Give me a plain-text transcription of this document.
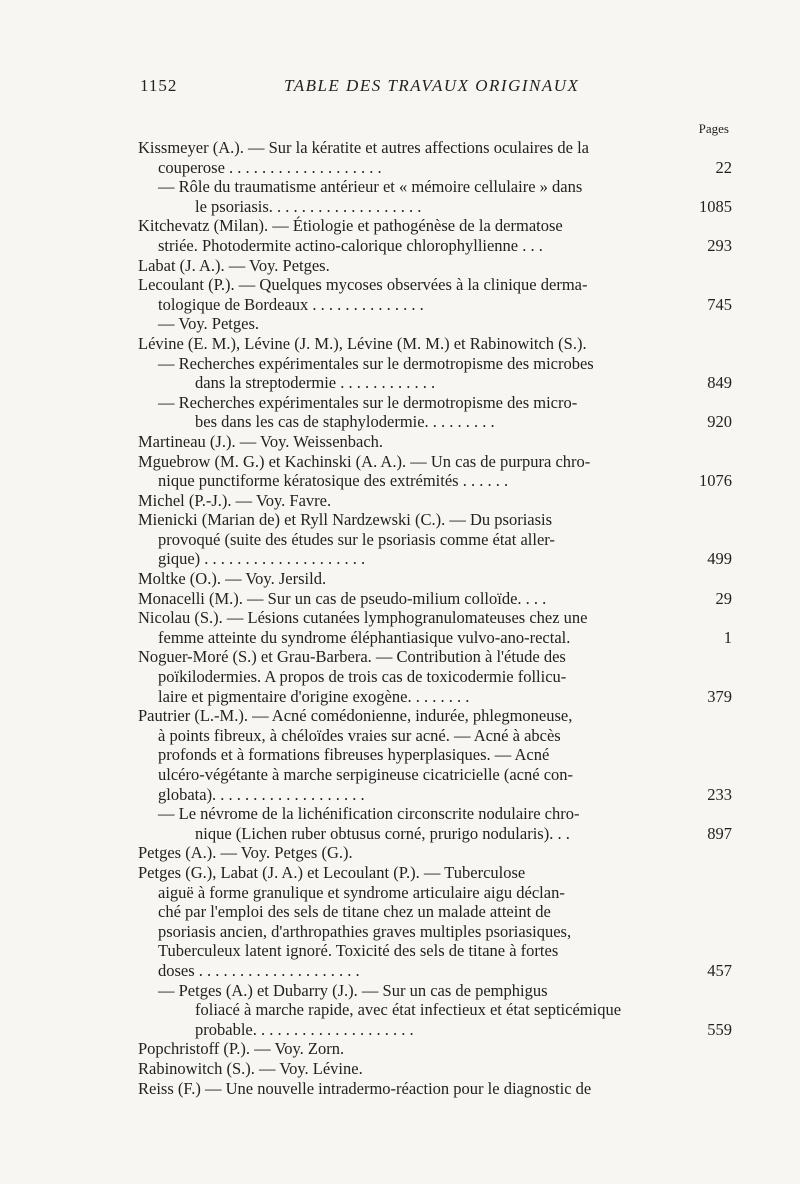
1152	TABLE DES TRAVAUX ORIGINAUX
Pages
Kissmeyer (A.). — Sur la kératite et autres affections oculaires de la
couperose . . . . . . . . . . . . . . . . . . .	22
— Rôle du traumatisme antérieur et « mémoire cellulaire » dans
le psoriasis. . . . . . . . . . . . . . . . . . .	1085
Kitchevatz (Milan). — Étiologie et pathogénèse de la dermatose
striée. Photodermite actino-calorique chlorophyllienne . . .	293
Labat (J. A.). — Voy. Petges.
Lecoulant (P.). — Quelques mycoses observées à la clinique derma-
tologique de Bordeaux . . . . . . . . . . . . . .	745
— Voy. Petges.
Lévine (E. M.), Lévine (J. M.), Lévine (M. M.) et Rabinowitch (S.).
— Recherches expérimentales sur le dermotropisme des microbes
dans la streptodermie . . . . . . . . . . . .	849
— Recherches expérimentales sur le dermotropisme des micro-
bes dans les cas de staphylodermie. . . . . . . . .	920
Martineau (J.). — Voy. Weissenbach.
Mguebrow (M. G.) et Kachinski (A. A.). — Un cas de purpura chro-
nique punctiforme kératosique des extrémités . . . . . .	1076
Michel (P.-J.). — Voy. Favre.
Mienicki (Marian de) et Ryll Nardzewski (C.). — Du psoriasis
provoqué (suite des études sur le psoriasis comme état aller-
gique) . . . . . . . . . . . . . . . . . . . .	499
Moltke (O.). — Voy. Jersild.
Monacelli (M.). — Sur un cas de pseudo-milium colloïde. . . .	29
Nicolau (S.). — Lésions cutanées lymphogranulomateuses chez une
femme atteinte du syndrome éléphantiasique vulvo-ano-rectal.	1
Noguer-Moré (S.) et Grau-Barbera. — Contribution à l'étude des
poïkilodermies. A propos de trois cas de toxicodermie follicu-
laire et pigmentaire d'origine exogène. . . . . . . .	379
Pautrier (L.-M.). — Acné comédonienne, indurée, phlegmoneuse,
à points fibreux, à chéloïdes vraies sur acné. — Acné à abcès
profonds et à formations fibreuses hyperplasiques. — Acné
ulcéro-végétante à marche serpigineuse cicatricielle (acné con-
globata). . . . . . . . . . . . . . . . . . .	233
— Le névrome de la lichénification circonscrite nodulaire chro-
nique (Lichen ruber obtusus corné, prurigo nodularis). . .	897
Petges (A.). — Voy. Petges (G.).
Petges (G.), Labat (J. A.) et Lecoulant (P.). — Tuberculose
aiguë à forme granulique et syndrome articulaire aigu déclan-
ché par l'emploi des sels de titane chez un malade atteint de
psoriasis ancien, d'arthropathies graves multiples psoriasiques,
Tuberculeux latent ignoré. Toxicité des sels de titane à fortes
doses . . . . . . . . . . . . . . . . . . . .	457
— Petges (A.) et Dubarry (J.). — Sur un cas de pemphigus
foliacé à marche rapide, avec état infectieux et état septicémique
probable. . . . . . . . . . . . . . . . . . . .	559
Popchristoff (P.). — Voy. Zorn.
Rabinowitch (S.). — Voy. Lévine.
Reiss (F.) — Une nouvelle intradermo-réaction pour le diagnostic de
